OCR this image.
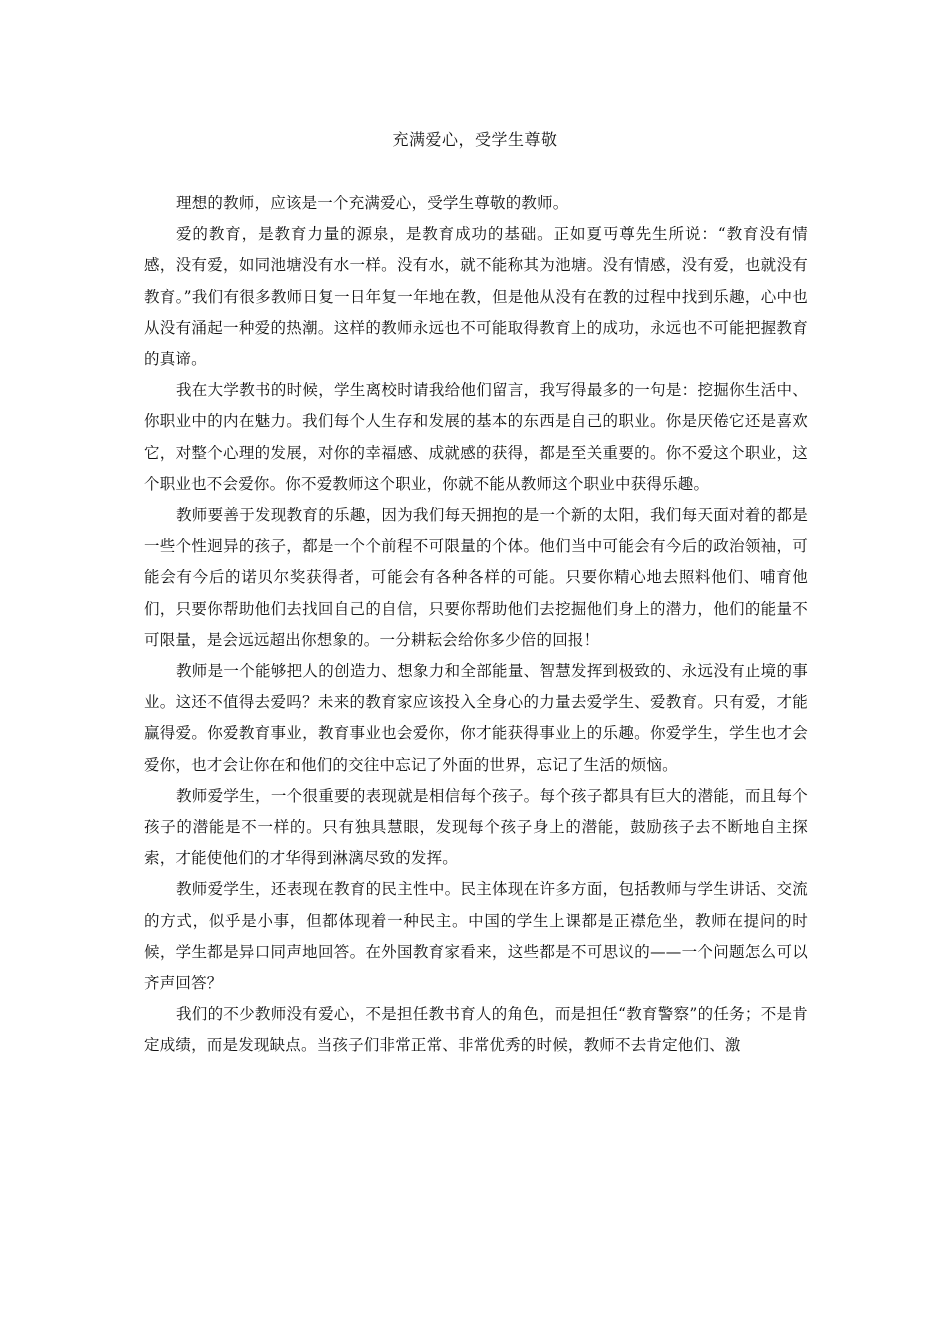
充满爱心，受学生尊敬

理想的教师，应该是一个充满爱心，受学生尊敬的教师。

爱的教育，是教育力量的源泉，是教育成功的基础。正如夏丏尊先生所说：“教育没有情感，没有爱，如同池塘没有水一样。没有水，就不能称其为池塘。没有情感，没有爱，也就没有教育。”我们有很多教师日复一日年复一年地在教，但是他从没有在教的过程中找到乐趣，心中也从没有涌起一种爱的热潮。这样的教师永远也不可能取得教育上的成功，永远也不可能把握教育的真谛。

我在大学教书的时候，学生离校时请我给他们留言，我写得最多的一句是：挖掘你生活中、你职业中的内在魅力。我们每个人生存和发展的基本的东西是自己的职业。你是厌倦它还是喜欢它，对整个心理的发展，对你的幸福感、成就感的获得，都是至关重要的。你不爱这个职业，这个职业也不会爱你。你不爱教师这个职业，你就不能从教师这个职业中获得乐趣。

教师要善于发现教育的乐趣，因为我们每天拥抱的是一个新的太阳，我们每天面对着的都是一些个性迥异的孩子，都是一个个前程不可限量的个体。他们当中可能会有今后的政治领袖，可能会有今后的诺贝尔奖获得者，可能会有各种各样的可能。只要你精心地去照料他们、哺育他们，只要你帮助他们去找回自己的自信，只要你帮助他们去挖掘他们身上的潜力，他们的能量不可限量，是会远远超出你想象的。一分耕耘会给你多少倍的回报！

教师是一个能够把人的创造力、想象力和全部能量、智慧发挥到极致的、永远没有止境的事业。这还不值得去爱吗？未来的教育家应该投入全身心的力量去爱学生、爱教育。只有爱，才能赢得爱。你爱教育事业，教育事业也会爱你，你才能获得事业上的乐趣。你爱学生，学生也才会爱你，也才会让你在和他们的交往中忘记了外面的世界，忘记了生活的烦恼。

教师爱学生，一个很重要的表现就是相信每个孩子。每个孩子都具有巨大的潜能，而且每个孩子的潜能是不一样的。只有独具慧眼，发现每个孩子身上的潜能，鼓励孩子去不断地自主探索，才能使他们的才华得到淋漓尽致的发挥。

教师爱学生，还表现在教育的民主性中。民主体现在许多方面，包括教师与学生讲话、交流的方式，似乎是小事，但都体现着一种民主。中国的学生上课都是正襟危坐，教师在提问的时候，学生都是异口同声地回答。在外国教育家看来，这些都是不可思议的——一个问题怎么可以齐声回答？

我们的不少教师没有爱心，不是担任教书育人的角色，而是担任“教育警察”的任务；不是肯定成绩，而是发现缺点。当孩子们非常正常、非常优秀的时候，教师不去肯定他们、激
